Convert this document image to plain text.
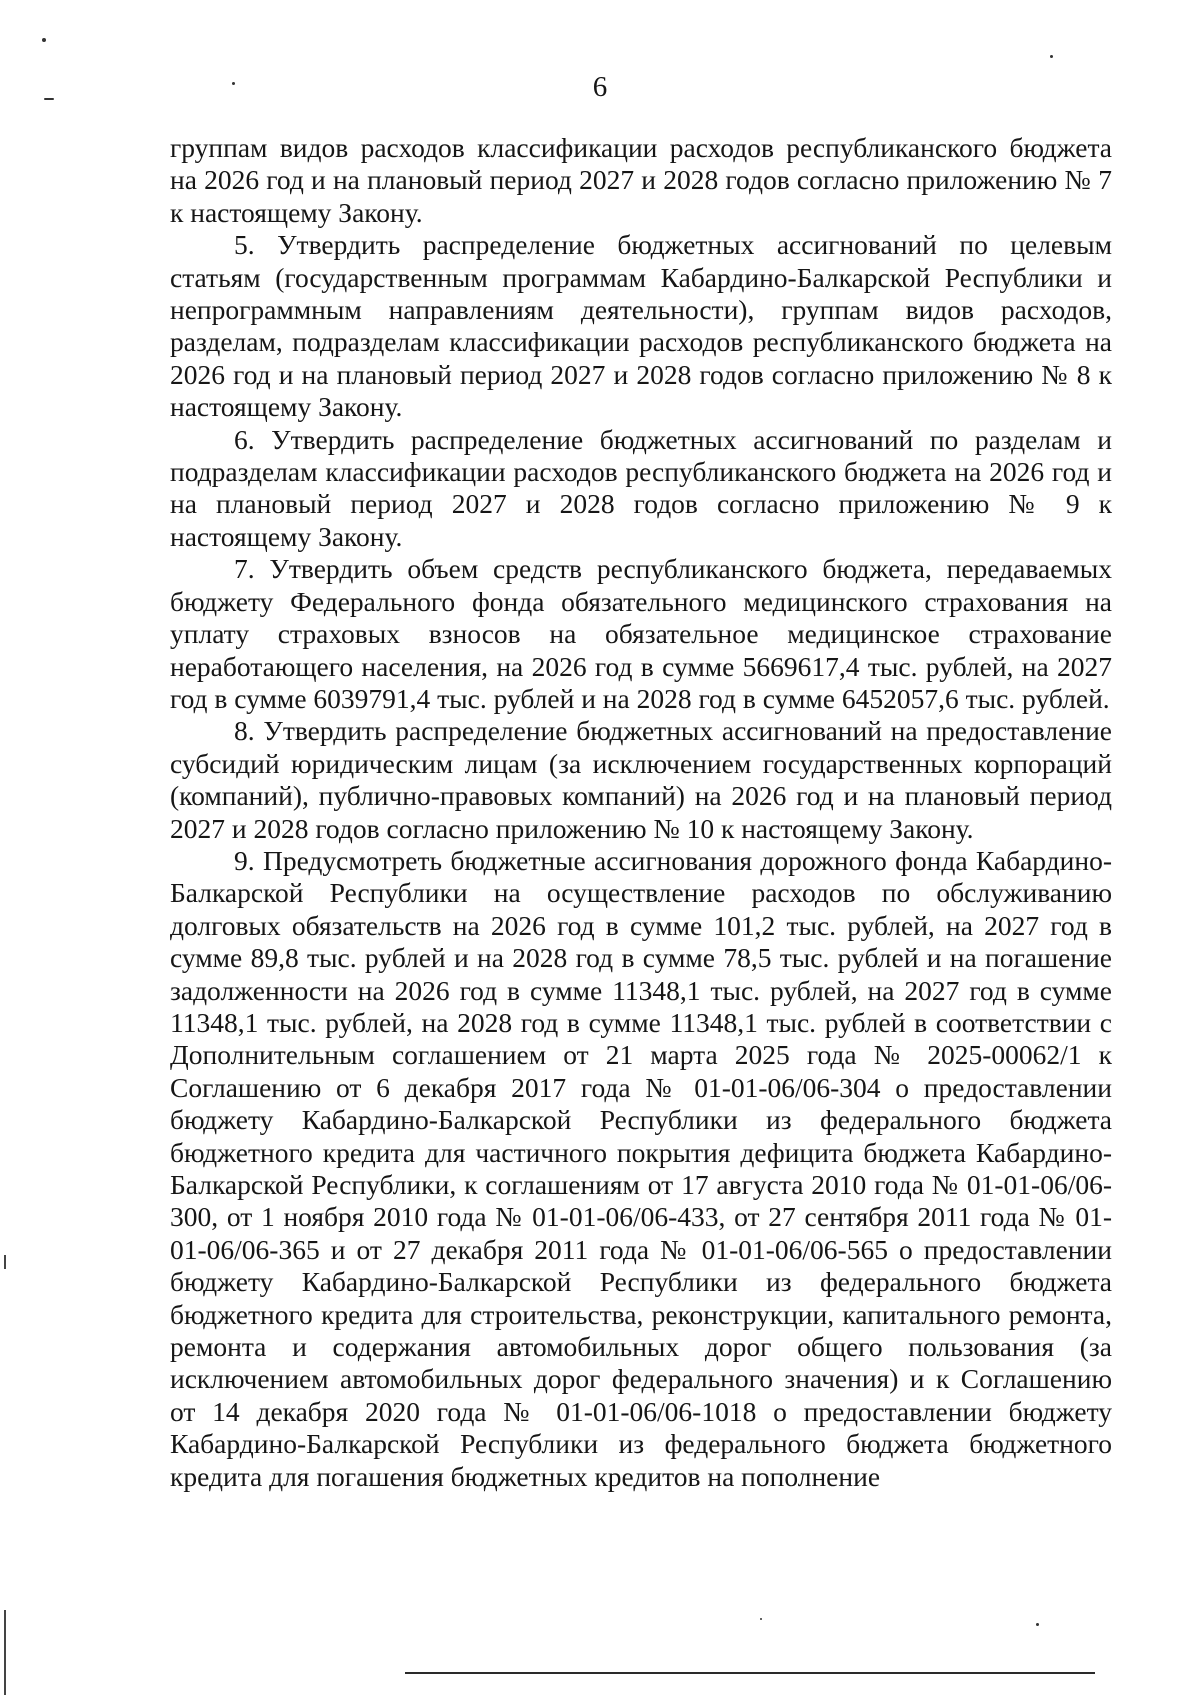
6

группам видов расходов классификации расходов республиканского бюджета на 2026 год и на плановый период 2027 и 2028 годов согласно приложению № 7 к настоящему Закону.

5. Утвердить распределение бюджетных ассигнований по целевым статьям (государственным программам Кабардино-Балкарской Республики и непрограммным направлениям деятельности), группам видов расходов, разделам, подразделам классификации расходов республиканского бюджета на 2026 год и на плановый период 2027 и 2028 годов согласно приложению № 8 к настоящему Закону.

6. Утвердить распределение бюджетных ассигнований по разделам и подразделам классификации расходов республиканского бюджета на 2026 год и на плановый период 2027 и 2028 годов согласно приложению № 9 к настоящему Закону.

7. Утвердить объем средств республиканского бюджета, передаваемых бюджету Федерального фонда обязательного медицинского страхования на уплату страховых взносов на обязательное медицинское страхование неработающего населения, на 2026 год в сумме 5669617,4 тыс. рублей, на 2027 год в сумме 6039791,4 тыс. рублей и на 2028 год в сумме 6452057,6 тыс. рублей.

8. Утвердить распределение бюджетных ассигнований на предоставление субсидий юридическим лицам (за исключением государственных корпораций (компаний), публично-правовых компаний) на 2026 год и на плановый период 2027 и 2028 годов согласно приложению № 10 к настоящему Закону.

9. Предусмотреть бюджетные ассигнования дорожного фонда Кабардино-Балкарской Республики на осуществление расходов по обслуживанию долговых обязательств на 2026 год в сумме 101,2 тыс. рублей, на 2027 год в сумме 89,8 тыс. рублей и на 2028 год в сумме 78,5 тыс. рублей и на погашение задолженности на 2026 год в сумме 11348,1 тыс. рублей, на 2027 год в сумме 11348,1 тыс. рублей, на 2028 год в сумме 11348,1 тыс. рублей в соответствии с Дополнительным соглашением от 21 марта 2025 года № 2025-00062/1 к Соглашению от 6 декабря 2017 года № 01-01-06/06-304 о предоставлении бюджету Кабардино-Балкарской Республики из федерального бюджета бюджетного кредита для частичного покрытия дефицита бюджета Кабардино-Балкарской Республики, к соглашениям от 17 августа 2010 года № 01-01-06/06-300, от 1 ноября 2010 года № 01-01-06/06-433, от 27 сентября 2011 года № 01-01-06/06-365 и от 27 декабря 2011 года № 01-01-06/06-565 о предоставлении бюджету Кабардино-Балкарской Республики из федерального бюджета бюджетного кредита для строительства, реконструкции, капитального ремонта, ремонта и содержания автомобильных дорог общего пользования (за исключением автомобильных дорог федерального значения) и к Соглашению от 14 декабря 2020 года № 01-01-06/06-1018 о предоставлении бюджету Кабардино-Балкарской Республики из федерального бюджета бюджетного кредита для погашения бюджетных кредитов на пополнение
